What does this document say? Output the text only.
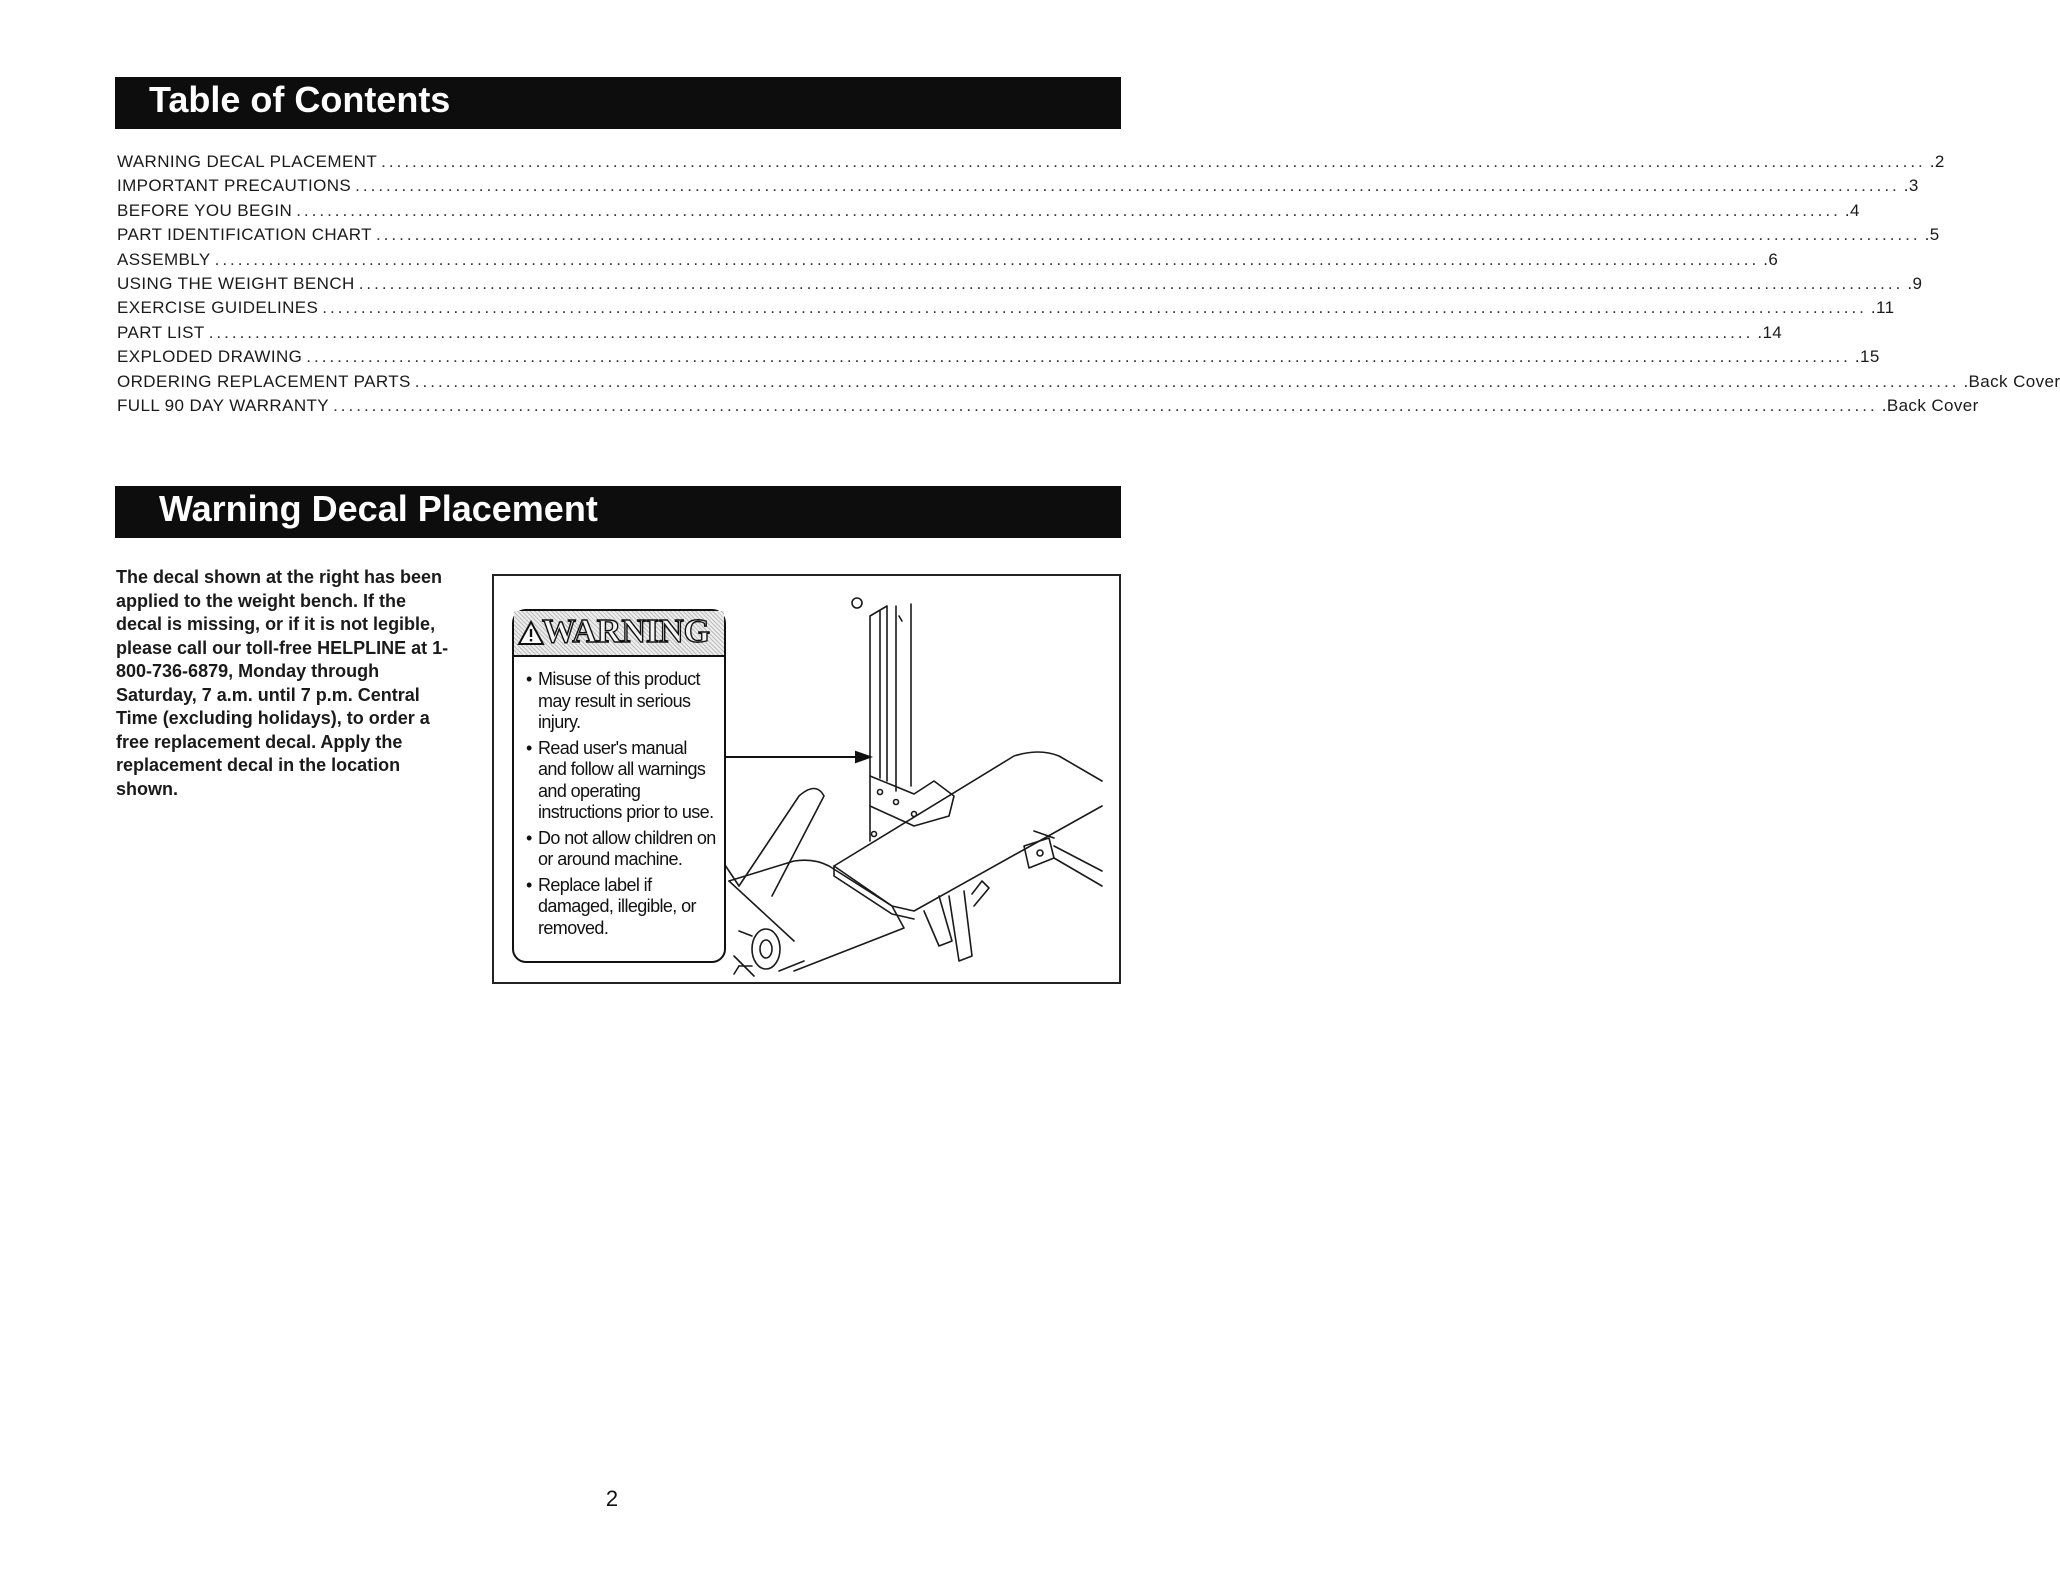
Table of Contents
WARNING DECAL PLACEMENT ........................................................................................................................................................................................................ .2
IMPORTANT PRECAUTIONS ........................................................................................................................................................................................................ .3
BEFORE YOU BEGIN ........................................................................................................................................................................................................ .4
PART IDENTIFICATION CHART ........................................................................................................................................................................................................ .5
ASSEMBLY ........................................................................................................................................................................................................ .6
USING THE WEIGHT BENCH ........................................................................................................................................................................................................ .9
EXERCISE GUIDELINES ........................................................................................................................................................................................................ .11
PART LIST ........................................................................................................................................................................................................ .14
EXPLODED DRAWING ........................................................................................................................................................................................................ .15
ORDERING REPLACEMENT PARTS ........................................................................................................................................................................................................ .Back Cover
FULL 90 DAY WARRANTY ........................................................................................................................................................................................................ .Back Cover
Warning Decal Placement
The decal shown at the right has been applied to the weight bench. If the decal is missing, or if it is not legible, please call our toll-free HELPLINE at 1-800-736-6879, Monday through Saturday, 7 a.m. until 7 p.m. Central Time (excluding holidays), to order a free replacement decal. Apply the replacement decal in the location shown.
WARNING
• Misuse of this product may result in serious injury.
• Read user's manual and follow all warnings and operating instructions prior to use.
• Do not allow children on or around machine.
• Replace label if damaged, illegible, or removed.
2
